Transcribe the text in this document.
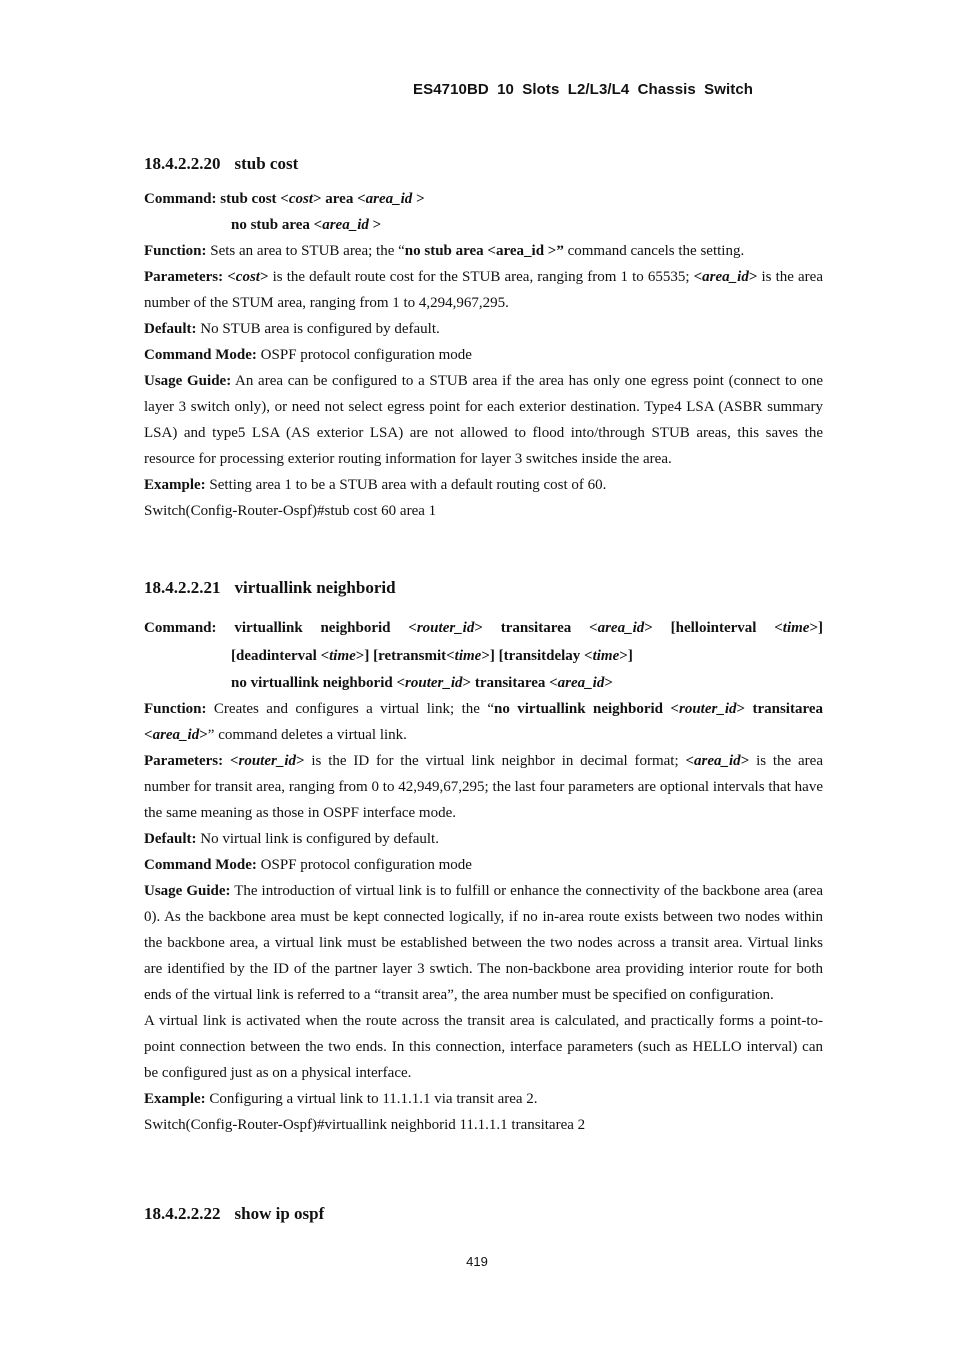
ES4710BD 10 Slots L2/L3/L4 Chassis Switch
18.4.2.2.20 stub cost

Command: stub cost <cost> area <area_id >

no stub area <area_id >

Function: Sets an area to STUB area; the “no stub area <area_id >” command cancels the setting.

Parameters: <cost> is the default route cost for the STUB area, ranging from 1 to 65535; <area_id> is the area number of the STUM area, ranging from 1 to 4,294,967,295.

Default: No STUB area is configured by default.

Command Mode: OSPF protocol configuration mode

Usage Guide: An area can be configured to a STUB area if the area has only one egress point (connect to one layer 3 switch only), or need not select egress point for each exterior destination. Type4 LSA (ASBR summary LSA) and type5 LSA (AS exterior LSA) are not allowed to flood into/through STUB areas, this saves the resource for processing exterior routing information for layer 3 switches inside the area.

Example: Setting area 1 to be a STUB area with a default routing cost of 60.

Switch(Config-Router-Ospf)#stub cost 60 area 1

18.4.2.2.21 virtuallink neighborid

Command: virtuallink neighborid <router_id> transitarea <area_id> [hellointerval <time>]

[deadinterval <time>] [retransmit<time>] [transitdelay <time>]

no virtuallink neighborid <router_id> transitarea <area_id>

Function: Creates and configures a virtual link; the “no virtuallink neighborid <router_id> transitarea <area_id>” command deletes a virtual link.

Parameters: <router_id> is the ID for the virtual link neighbor in decimal format; <area_id> is the area number for transit area, ranging from 0 to 42,949,67,295; the last four parameters are optional intervals that have the same meaning as those in OSPF interface mode.

Default: No virtual link is configured by default.

Command Mode: OSPF protocol configuration mode

Usage Guide: The introduction of virtual link is to fulfill or enhance the connectivity of the backbone area (area 0). As the backbone area must be kept connected logically, if no in-area route exists between two nodes within the backbone area, a virtual link must be established between the two nodes across a transit area. Virtual links are identified by the ID of the partner layer 3 swtich. The non-backbone area providing interior route for both ends of the virtual link is referred to a “transit area”, the area number must be specified on configuration.

A virtual link is activated when the route across the transit area is calculated, and practically forms a point-to-point connection between the two ends. In this connection, interface parameters (such as HELLO interval) can be configured just as on a physical interface.

Example: Configuring a virtual link to 11.1.1.1 via transit area 2.

Switch(Config-Router-Ospf)#virtuallink neighborid 11.1.1.1 transitarea 2

18.4.2.2.22 show ip ospf
419
